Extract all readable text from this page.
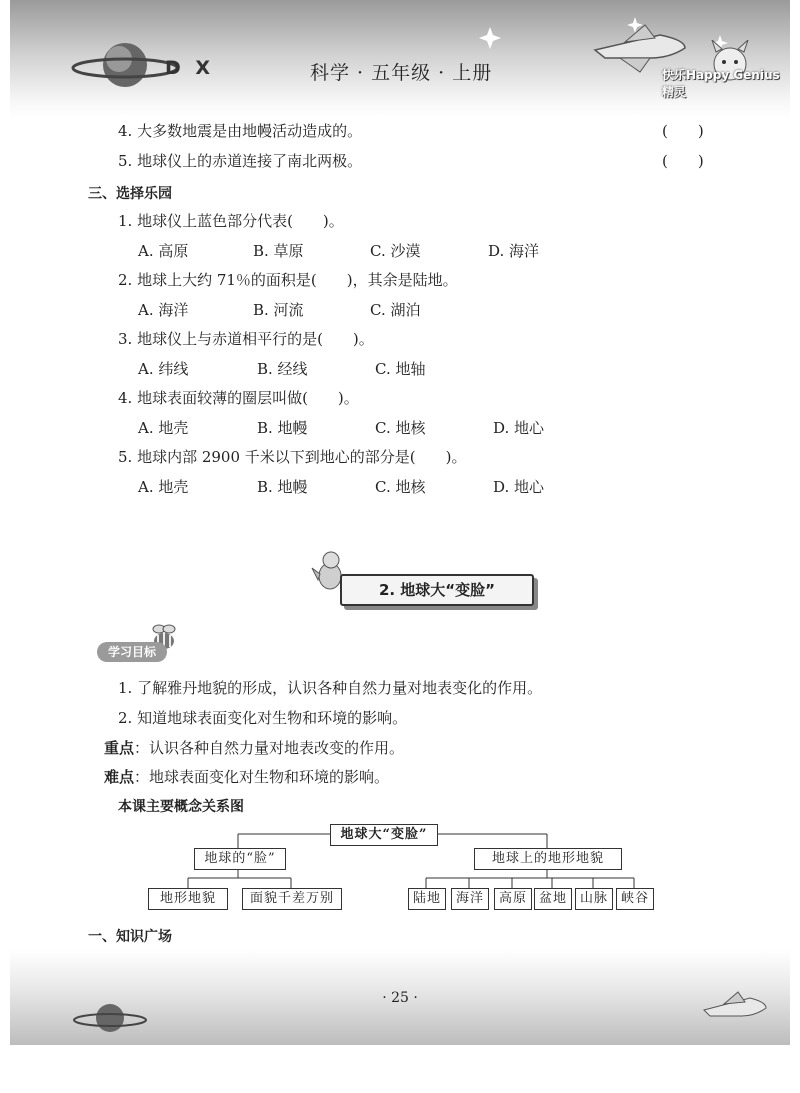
D X	科学 · 五年级 · 上册	快乐Happy Genius精灵
4. 大多数地震是由地幔活动造成的。	(　　)
5. 地球仪上的赤道连接了南北两极。	(　　)
三、选择乐园
1. 地球仪上蓝色部分代表(　　)。
A. 高原	B. 草原	C. 沙漠	D. 海洋
2. 地球上大约 71％的面积是(　　)，其余是陆地。
A. 海洋	B. 河流	C. 湖泊
3. 地球仪上与赤道相平行的是(　　)。
A. 纬线	B. 经线	C. 地轴
4. 地球表面较薄的圈层叫做(　　)。
A. 地壳	B. 地幔	C. 地核	D. 地心
5. 地球内部 2900 千米以下到地心的部分是(　　)。
A. 地壳	B. 地幔	C. 地核	D. 地心
2. 地球大“变脸”
学习目标
1. 了解雅丹地貌的形成，认识各种自然力量对地表变化的作用。
2. 知道地球表面变化对生物和环境的影响。
重点：认识各种自然力量对地表改变的作用。
难点：地球表面变化对生物和环境的影响。
本课主要概念关系图
地球大“变脸”
地球的“脸”	地球上的地形地貌
地形地貌	面貌千差万别	陆地	海洋	高原 盆地 山脉 峡谷
一、知识广场
· 25 ·
